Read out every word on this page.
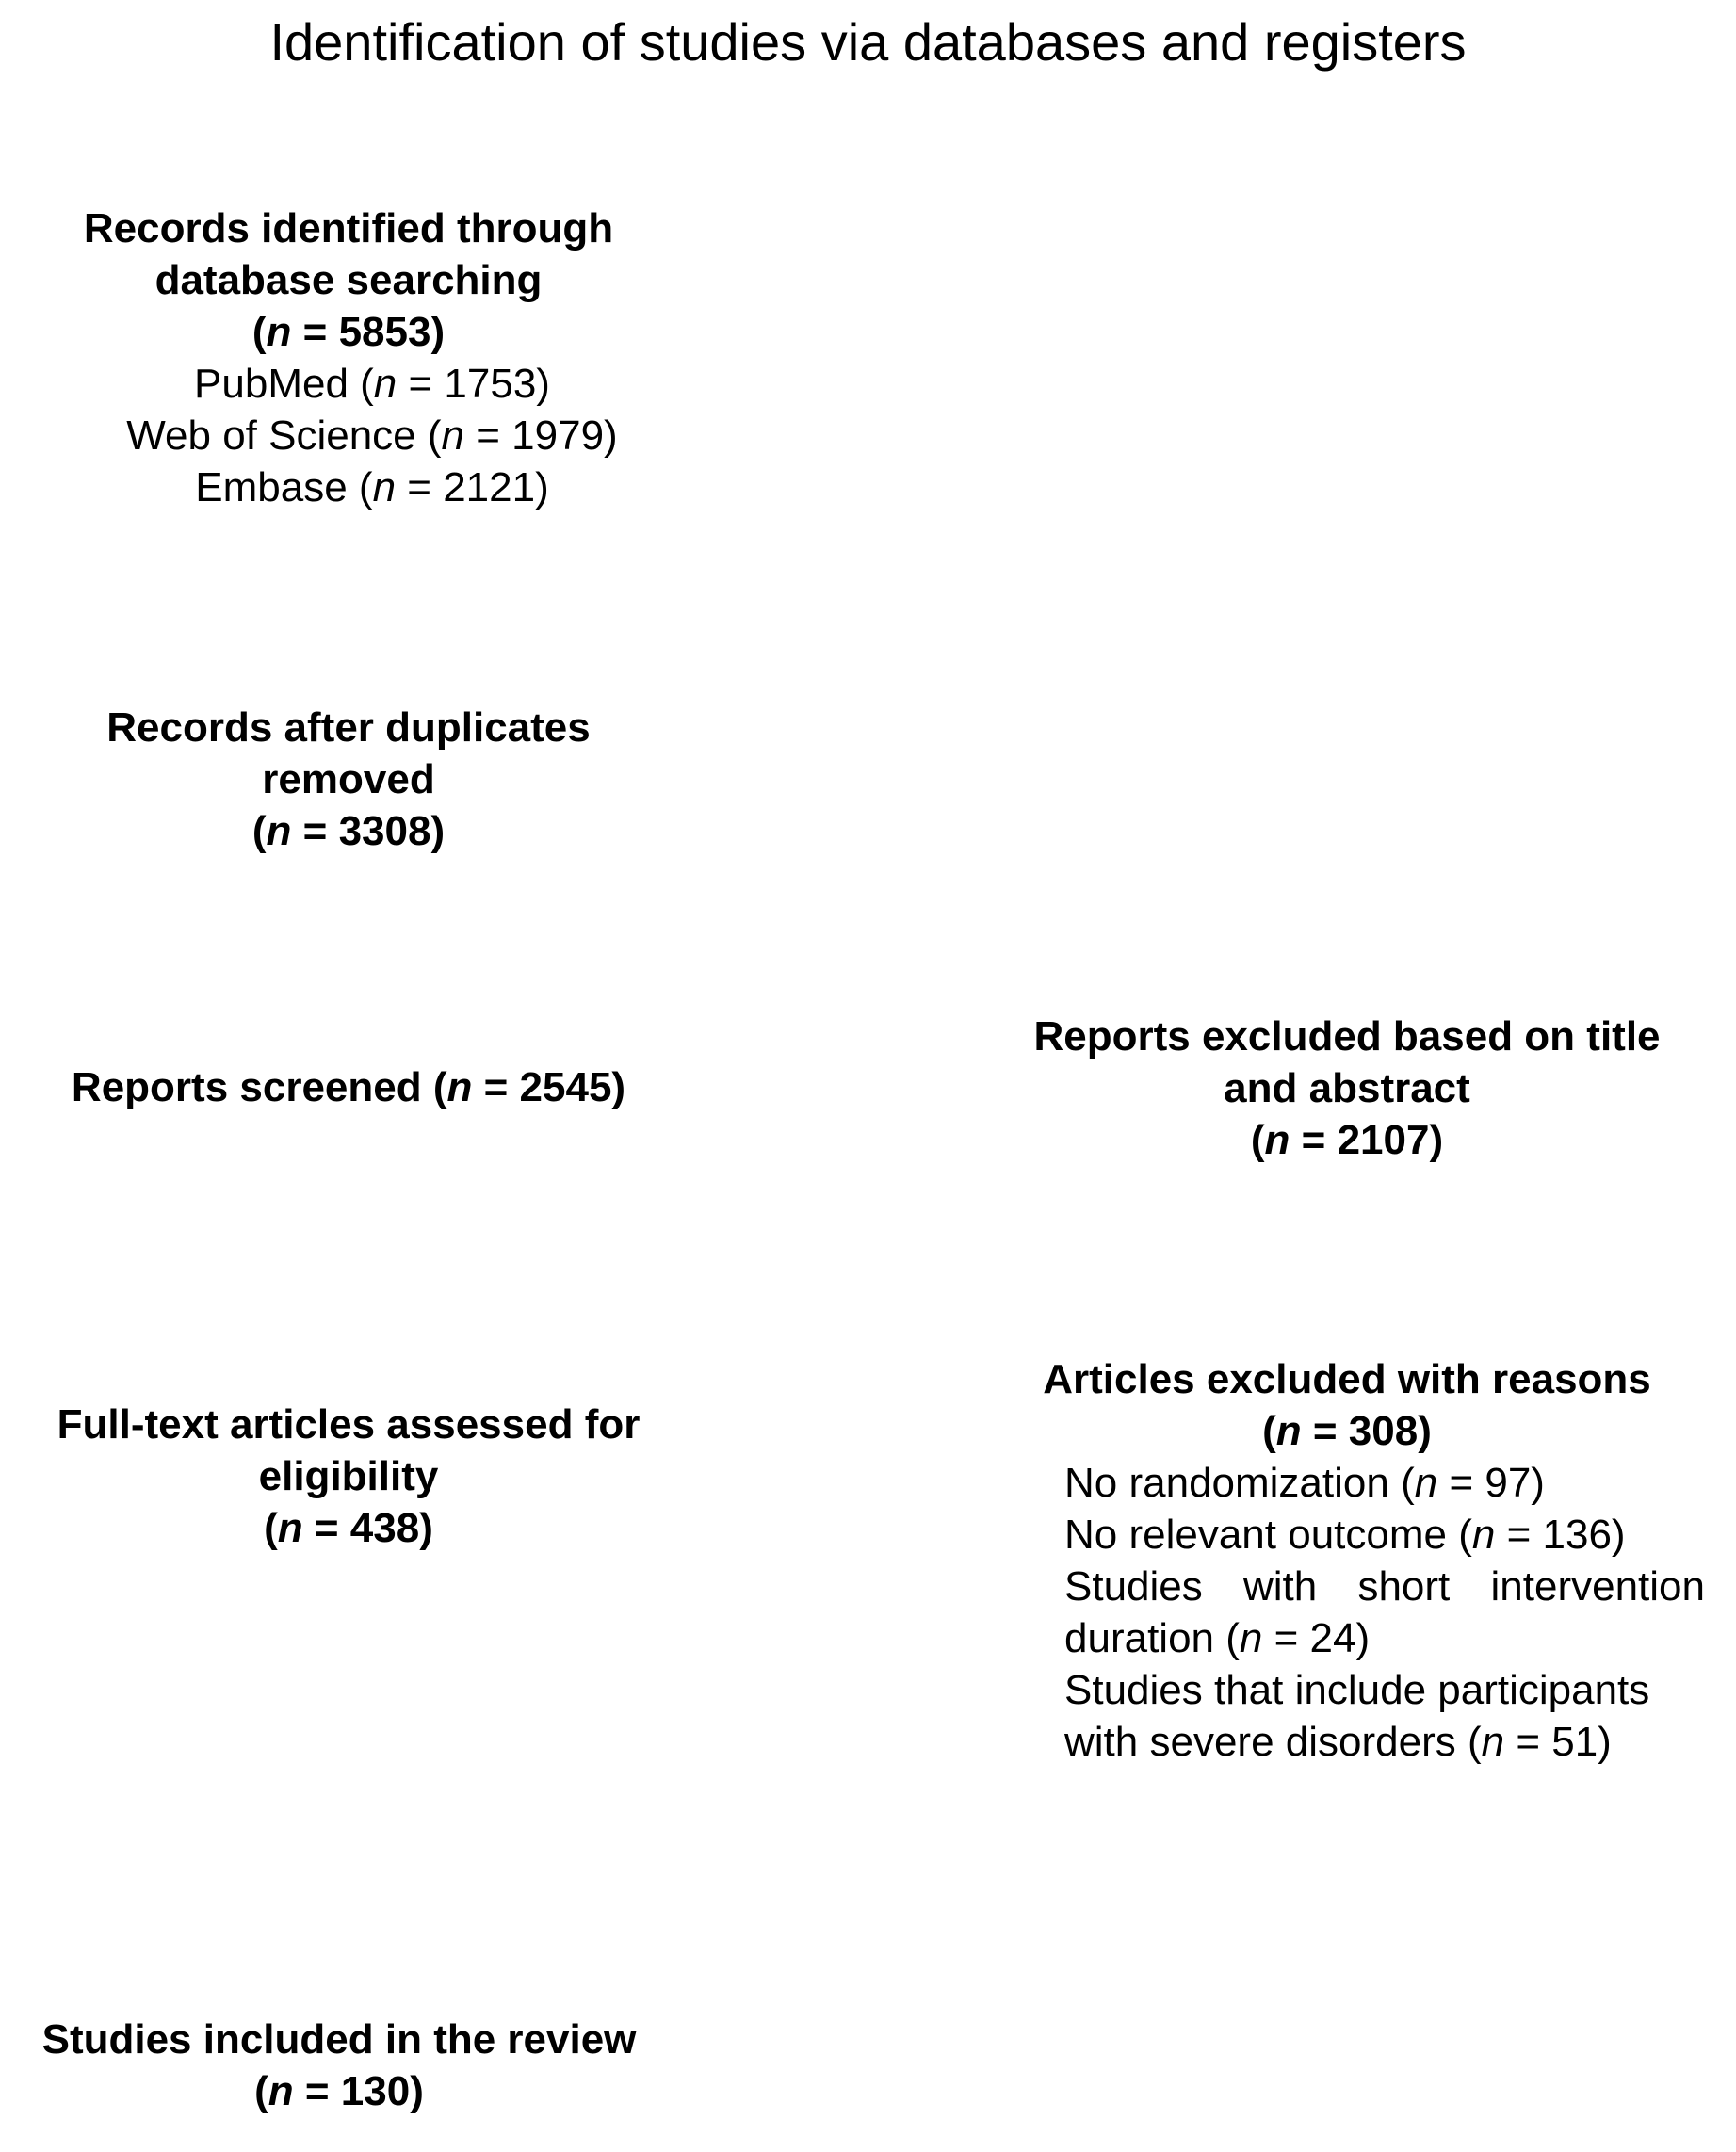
Identification of studies via databases and registers
Records identified through
database searching
(n = 5853)
PubMed (n = 1753)
Web of Science (n = 1979)
Embase (n = 2121)
Records after duplicates
removed
(n = 3308)
Reports screened (n = 2545)
Reports excluded based on title
and abstract
(n = 2107)
Full-text articles assessed for
eligibility
(n = 438)
Articles excluded with reasons
(n = 308)
No randomization (n = 97)
No relevant outcome (n = 136)
Studies with short intervention
duration (n = 24)
Studies that include participants
with severe disorders (n = 51)
Studies included in the review
(n = 130)
